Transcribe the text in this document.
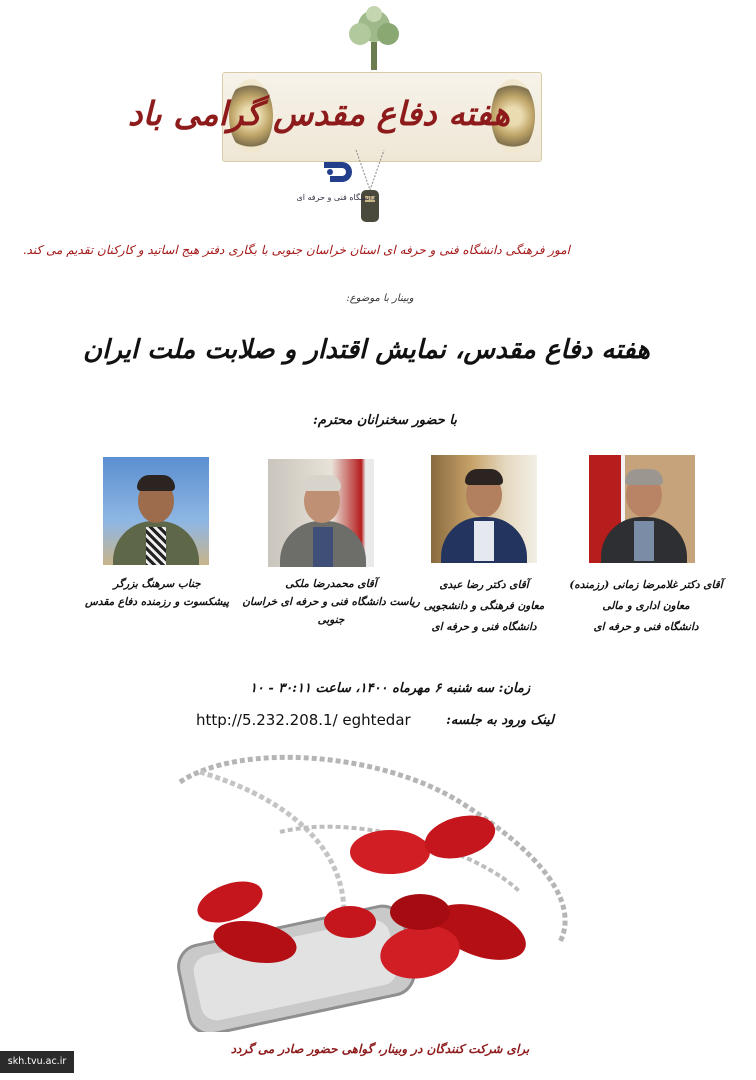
هفته دفاع مقدس گرامی باد
دانشگاه فنی و حرفه ای
امور فرهنگی دانشگاه فنی و حرفه ای استان خراسان جنوبی با بگاری دفتر هیج اساتید و کارکنان تقدیم می کند.
وبینار با موضوع:
هفته دفاع مقدس، نمایش اقتدار و صلابت ملت ایران
با حضور سخنرانان محترم:
جناب سرهنگ بزرگر
پیشکسوت و رزمنده دفاع مقدس
آقای محمدرضا ملکی
ریاست دانشگاه فنی و حرفه ای خراسان جنوبی
آقای دکتر رضا عبدی
معاون فرهنگی و دانشجویی
دانشگاه فنی و حرفه ای
آقای دکتر غلامرضا زمانی (رزمنده)
معاون اداری و مالی
دانشگاه فنی و حرفه ای
زمان: سه شنبه ۶ مهرماه ۱۴۰۰، ساعت ۳۰:۱۱ - ۱۰
لینک ورود به جلسه:
http://5.232.208.1/ eghtedar
برای شرکت کنندگان در وبینار، گواهی حضور صادر می گردد
skh.tvu.ac.ir
